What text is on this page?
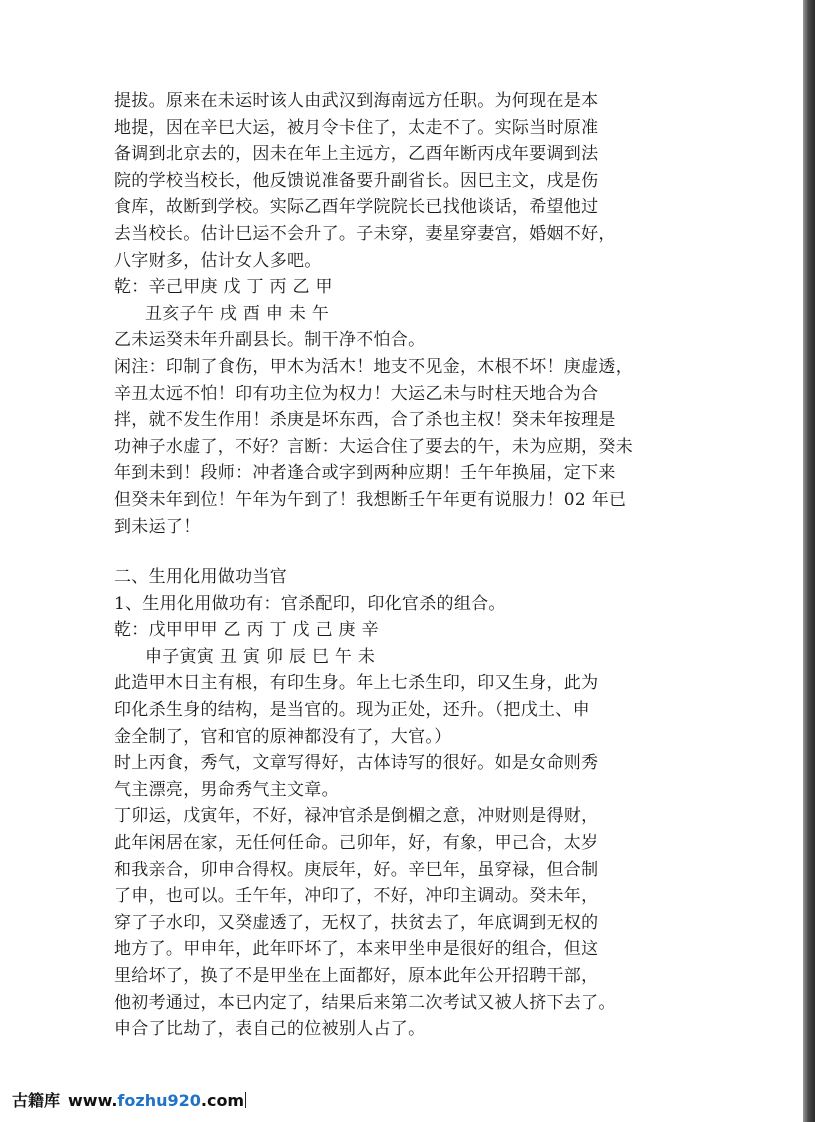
提拔。原来在未运时该人由武汉到海南远方任职。为何现在是本
地提，因在辛巳大运，被月令卡住了，太走不了。实际当时原准
备调到北京去的，因未在年上主远方，乙酉年断丙戌年要调到法
院的学校当校长，他反馈说准备要升副省长。因巳主文，戌是伤
食库，故断到学校。实际乙酉年学院院长已找他谈话，希望他过
去当校长。估计巳运不会升了。子未穿，妻星穿妻宫，婚姻不好，
八字财多，估计女人多吧。
乾：辛己甲庚 戊 丁 丙 乙 甲
丑亥子午 戌 酉 申 未 午
乙未运癸未年升副县长。制干净不怕合。
闲注：印制了食伤，甲木为活木！地支不见金，木根不坏！庚虚透，
辛丑太远不怕！印有功主位为权力！大运乙未与时柱天地合为合
拌，就不发生作用！杀庚是坏东西，合了杀也主权！癸未年按理是
功神子水虚了，不好？言断：大运合住了要去的午，未为应期，癸未
年到未到！段师：冲者逢合或字到两种应期！壬午年换届，定下来
但癸未年到位！午年为午到了！我想断壬午年更有说服力！02 年已
到未运了！
二、生用化用做功当官
1、生用化用做功有：官杀配印，印化官杀的组合。
乾：戊甲甲甲 乙 丙 丁 戊 己 庚 辛
申子寅寅 丑 寅 卯 辰 巳 午 未
此造甲木日主有根，有印生身。年上七杀生印，印又生身，此为
印化杀生身的结构，是当官的。现为正处，还升。（把戊土、申
金全制了，官和官的原神都没有了，大官。）
时上丙食，秀气，文章写得好，古体诗写的很好。如是女命则秀
气主漂亮，男命秀气主文章。
丁卯运，戊寅年，不好，禄冲官杀是倒楣之意，冲财则是得财，
此年闲居在家，无任何任命。己卯年，好，有象，甲己合，太岁
和我亲合，卯申合得权。庚辰年，好。辛巳年，虽穿禄，但合制
了申，也可以。壬午年，冲印了，不好，冲印主调动。癸未年，
穿了子水印，又癸虚透了，无权了，扶贫去了，年底调到无权的
地方了。甲申年，此年吓坏了，本来甲坐申是很好的组合，但这
里给坏了，换了不是甲坐在上面都好，原本此年公开招聘干部，
他初考通过，本已内定了，结果后来第二次考试又被人挤下去了。
申合了比劫了，表自己的位被别人占了。
古籍库 www.fozhu920.com
